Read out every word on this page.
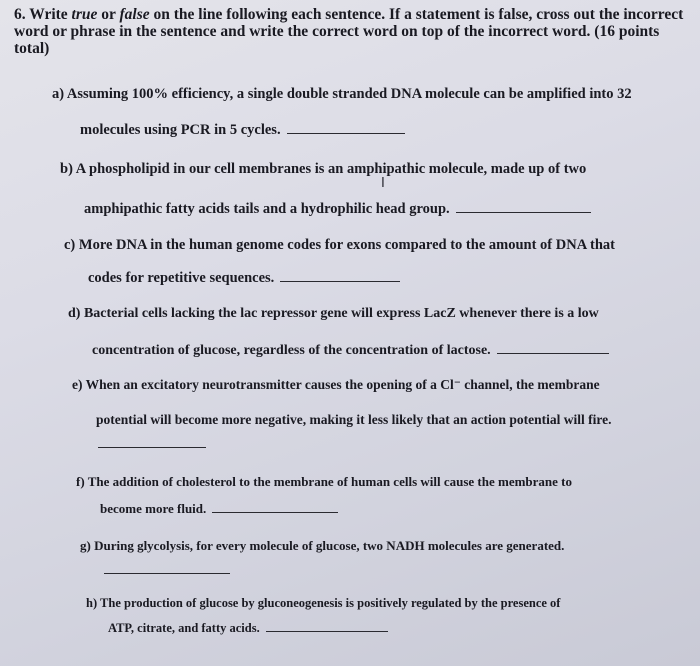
6. Write true or false on the line following each sentence. If a statement is false, cross out the incorrect word or phrase in the sentence and write the correct word on top of the incorrect word. (16 points total)
a) Assuming 100% efficiency, a single double stranded DNA molecule can be amplified into 32
molecules using PCR in 5 cycles.
b) A phospholipid in our cell membranes is an amphipathic molecule, made up of two
I
amphipathic fatty acids tails and a hydrophilic head group.
c) More DNA in the human genome codes for exons compared to the amount of DNA that
codes for repetitive sequences.
d) Bacterial cells lacking the lac repressor gene will express LacZ whenever there is a low
concentration of glucose, regardless of the concentration of lactose.
e) When an excitatory neurotransmitter causes the opening of a Cl⁻ channel, the membrane
potential will become more negative, making it less likely that an action potential will fire.
f) The addition of cholesterol to the membrane of human cells will cause the membrane to
become more fluid.
g) During glycolysis, for every molecule of glucose, two NADH molecules are generated.
h) The production of glucose by gluconeogenesis is positively regulated by the presence of
ATP, citrate, and fatty acids.
